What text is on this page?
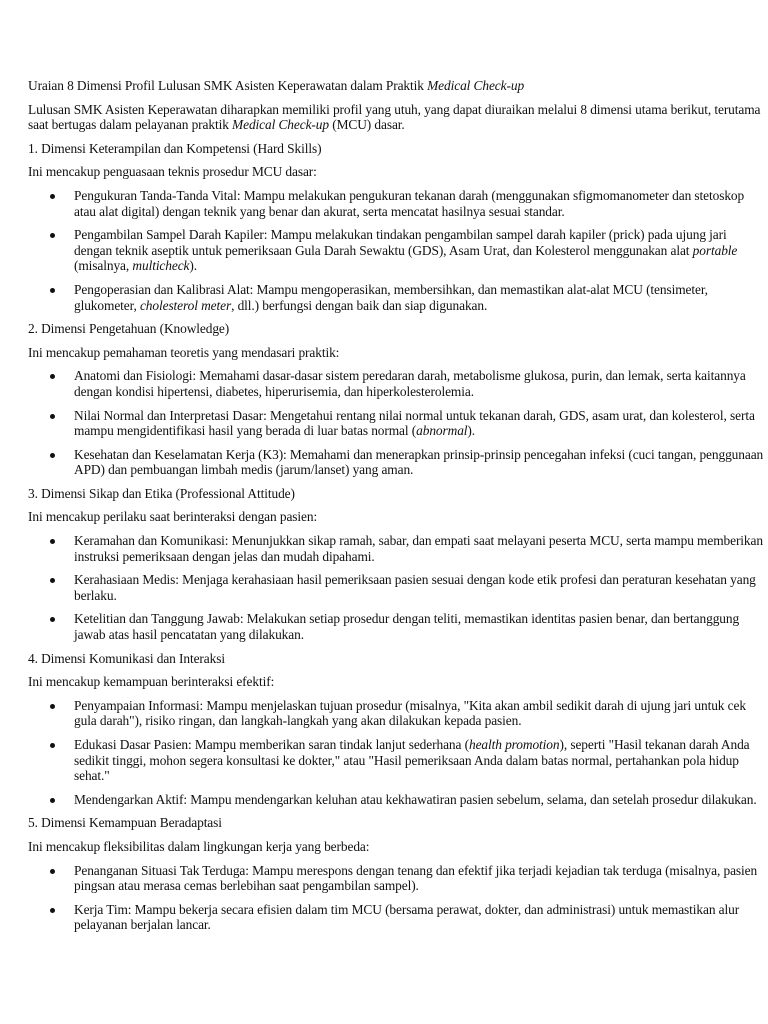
Uraian 8 Dimensi Profil Lulusan SMK Asisten Keperawatan dalam Praktik Medical Check-up

Lulusan SMK Asisten Keperawatan diharapkan memiliki profil yang utuh, yang dapat diuraikan melalui 8 dimensi utama berikut, terutama saat bertugas dalam pelayanan praktik Medical Check-up (MCU) dasar.

1. Dimensi Keterampilan dan Kompetensi (Hard Skills)

Ini mencakup penguasaan teknis prosedur MCU dasar:

Pengukuran Tanda-Tanda Vital: Mampu melakukan pengukuran tekanan darah (menggunakan sfigmomanometer dan stetoskop atau alat digital) dengan teknik yang benar dan akurat, serta mencatat hasilnya sesuai standar.
Pengambilan Sampel Darah Kapiler: Mampu melakukan tindakan pengambilan sampel darah kapiler (prick) pada ujung jari dengan teknik aseptik untuk pemeriksaan Gula Darah Sewaktu (GDS), Asam Urat, dan Kolesterol menggunakan alat portable (misalnya, multicheck).
Pengoperasian dan Kalibrasi Alat: Mampu mengoperasikan, membersihkan, dan memastikan alat-alat MCU (tensimeter, glukometer, cholesterol meter, dll.) berfungsi dengan baik dan siap digunakan.

2. Dimensi Pengetahuan (Knowledge)

Ini mencakup pemahaman teoretis yang mendasari praktik:

Anatomi dan Fisiologi: Memahami dasar-dasar sistem peredaran darah, metabolisme glukosa, purin, dan lemak, serta kaitannya dengan kondisi hipertensi, diabetes, hiperurisemia, dan hiperkolesterolemia.
Nilai Normal dan Interpretasi Dasar: Mengetahui rentang nilai normal untuk tekanan darah, GDS, asam urat, dan kolesterol, serta mampu mengidentifikasi hasil yang berada di luar batas normal (abnormal).
Kesehatan dan Keselamatan Kerja (K3): Memahami dan menerapkan prinsip-prinsip pencegahan infeksi (cuci tangan, penggunaan APD) dan pembuangan limbah medis (jarum/lanset) yang aman.

3. Dimensi Sikap dan Etika (Professional Attitude)

Ini mencakup perilaku saat berinteraksi dengan pasien:

Keramahan dan Komunikasi: Menunjukkan sikap ramah, sabar, dan empati saat melayani peserta MCU, serta mampu memberikan instruksi pemeriksaan dengan jelas dan mudah dipahami.
Kerahasiaan Medis: Menjaga kerahasiaan hasil pemeriksaan pasien sesuai dengan kode etik profesi dan peraturan kesehatan yang berlaku.
Ketelitian dan Tanggung Jawab: Melakukan setiap prosedur dengan teliti, memastikan identitas pasien benar, dan bertanggung jawab atas hasil pencatatan yang dilakukan.

4. Dimensi Komunikasi dan Interaksi

Ini mencakup kemampuan berinteraksi efektif:

Penyampaian Informasi: Mampu menjelaskan tujuan prosedur (misalnya, "Kita akan ambil sedikit darah di ujung jari untuk cek gula darah"), risiko ringan, dan langkah-langkah yang akan dilakukan kepada pasien.
Edukasi Dasar Pasien: Mampu memberikan saran tindak lanjut sederhana (health promotion), seperti "Hasil tekanan darah Anda sedikit tinggi, mohon segera konsultasi ke dokter," atau "Hasil pemeriksaan Anda dalam batas normal, pertahankan pola hidup sehat."
Mendengarkan Aktif: Mampu mendengarkan keluhan atau kekhawatiran pasien sebelum, selama, dan setelah prosedur dilakukan.

5. Dimensi Kemampuan Beradaptasi

Ini mencakup fleksibilitas dalam lingkungan kerja yang berbeda:

Penanganan Situasi Tak Terduga: Mampu merespons dengan tenang dan efektif jika terjadi kejadian tak terduga (misalnya, pasien pingsan atau merasa cemas berlebihan saat pengambilan sampel).
Kerja Tim: Mampu bekerja secara efisien dalam tim MCU (bersama perawat, dokter, dan administrasi) untuk memastikan alur pelayanan berjalan lancar.
